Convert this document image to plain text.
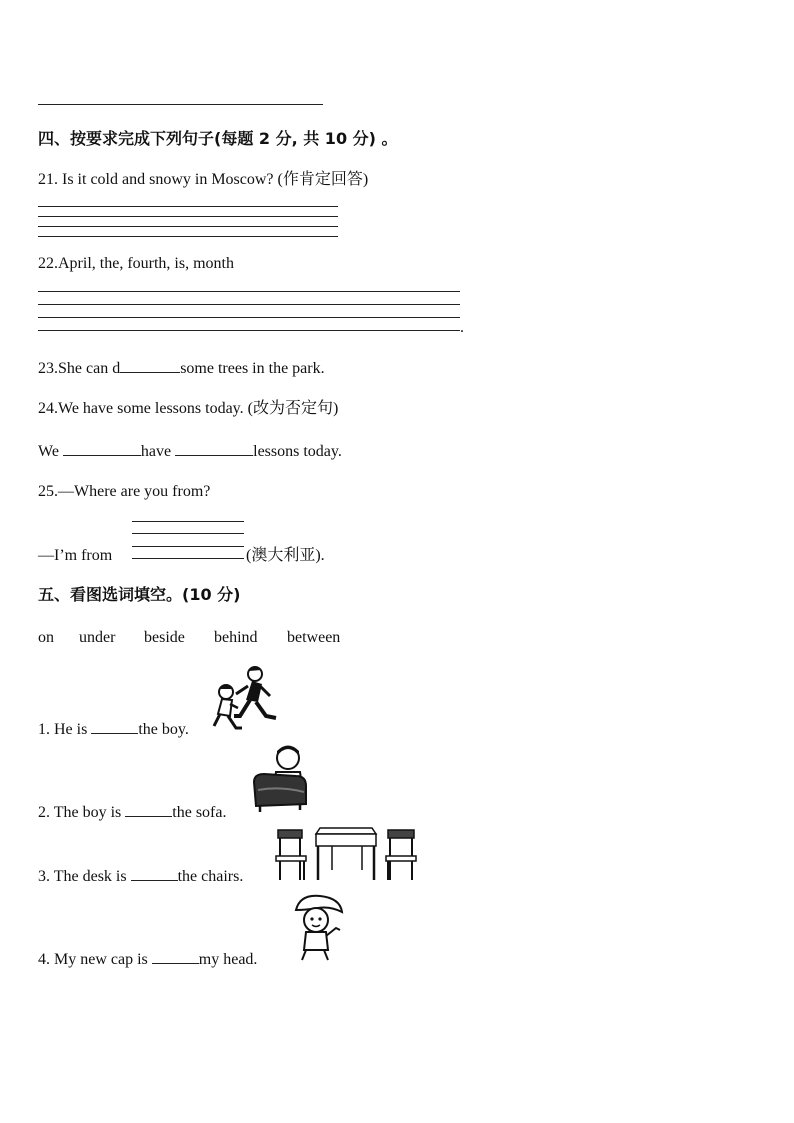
四、按要求完成下列句子(每题 2 分, 共 10 分) 。
21. Is it cold and snowy in Moscow? (作肯定回答)
22.April, the, fourth, is, month
.
23.She can d	some trees in the park.
24.We have some lessons today. (改为否定句)
We	have	lessons today.
25.—Where are you from?
—I’m from	(澳大利亚).
五、看图选词填空。(10 分)
on under beside behind between
1. He is	the boy.
2. The boy is	the sofa.
3. The desk is	the chairs.
4. My new cap is	my head.
